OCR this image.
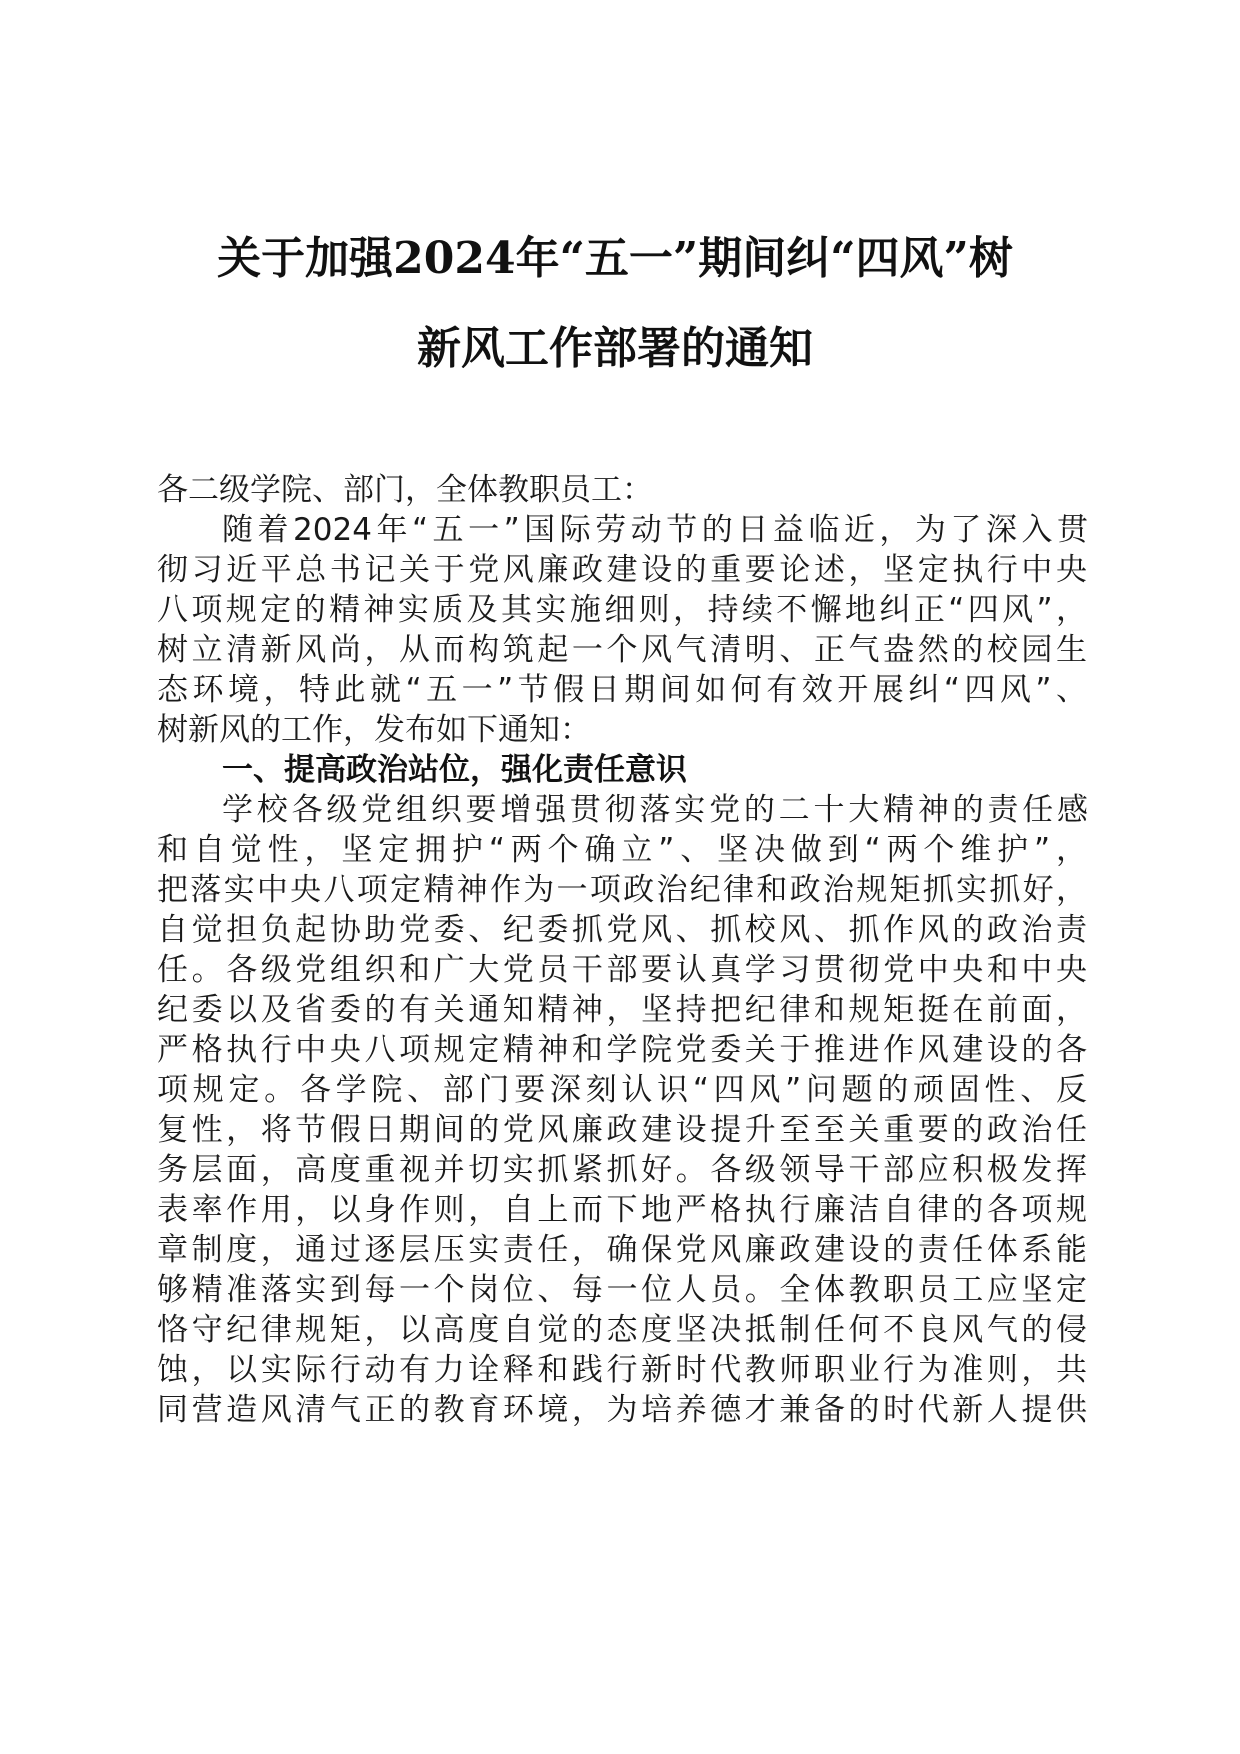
关于加强2024年“五一”期间纠“四风”树
新风工作部署的通知
各二级学院、部门，全体教职员工：
随着2024年“五一”国际劳动节的日益临近，为了深入贯
彻习近平总书记关于党风廉政建设的重要论述，坚定执行中央
八项规定的精神实质及其实施细则，持续不懈地纠正“四风”，
树立清新风尚，从而构筑起一个风气清明、正气盎然的校园生
态环境，特此就“五一”节假日期间如何有效开展纠“四风”、
树新风的工作，发布如下通知：
一、提高政治站位，强化责任意识
学校各级党组织要增强贯彻落实党的二十大精神的责任感
和自觉性，坚定拥护“两个确立”、坚决做到“两个维护”，
把落实中央八项定精神作为一项政治纪律和政治规矩抓实抓好，
自觉担负起协助党委、纪委抓党风、抓校风、抓作风的政治责
任。各级党组织和广大党员干部要认真学习贯彻党中央和中央
纪委以及省委的有关通知精神，坚持把纪律和规矩挺在前面，
严格执行中央八项规定精神和学院党委关于推进作风建设的各
项规定。各学院、部门要深刻认识“四风”问题的顽固性、反
复性，将节假日期间的党风廉政建设提升至至关重要的政治任
务层面，高度重视并切实抓紧抓好。各级领导干部应积极发挥
表率作用，以身作则，自上而下地严格执行廉洁自律的各项规
章制度，通过逐层压实责任，确保党风廉政建设的责任体系能
够精准落实到每一个岗位、每一位人员。全体教职员工应坚定
恪守纪律规矩，以高度自觉的态度坚决抵制任何不良风气的侵
蚀，以实际行动有力诠释和践行新时代教师职业行为准则，共
同营造风清气正的教育环境，为培养德才兼备的时代新人提供
